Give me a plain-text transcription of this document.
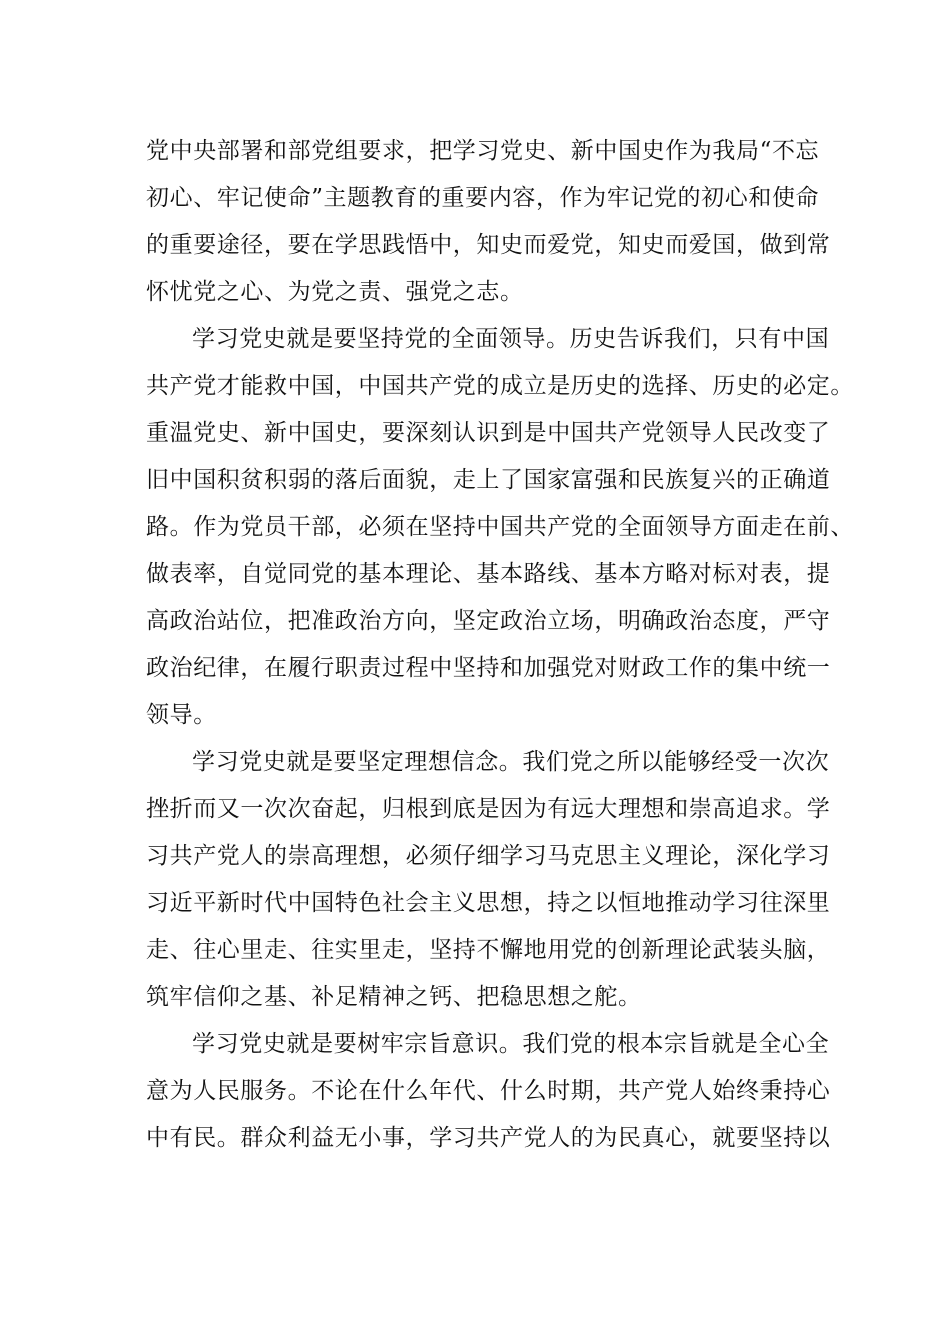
党中央部署和部党组要求，把学习党史、新中国史作为我局“不忘
初心、牢记使命”主题教育的重要内容，作为牢记党的初心和使命
的重要途径，要在学思践悟中，知史而爱党，知史而爱国，做到常
怀忧党之心、为党之责、强党之志。
学习党史就是要坚持党的全面领导。历史告诉我们，只有中国
共产党才能救中国，中国共产党的成立是历史的选择、历史的必定。
重温党史、新中国史，要深刻认识到是中国共产党领导人民改变了
旧中国积贫积弱的落后面貌，走上了国家富强和民族复兴的正确道
路。作为党员干部，必须在坚持中国共产党的全面领导方面走在前、
做表率，自觉同党的基本理论、基本路线、基本方略对标对表，提
高政治站位，把准政治方向，坚定政治立场，明确政治态度，严守
政治纪律，在履行职责过程中坚持和加强党对财政工作的集中统一
领导。
学习党史就是要坚定理想信念。我们党之所以能够经受一次次
挫折而又一次次奋起，归根到底是因为有远大理想和崇高追求。学
习共产党人的崇高理想，必须仔细学习马克思主义理论，深化学习
习近平新时代中国特色社会主义思想，持之以恒地推动学习往深里
走、往心里走、往实里走，坚持不懈地用党的创新理论武装头脑，
筑牢信仰之基、补足精神之钙、把稳思想之舵。
学习党史就是要树牢宗旨意识。我们党的根本宗旨就是全心全
意为人民服务。不论在什么年代、什么时期，共产党人始终秉持心
中有民。群众利益无小事，学习共产党人的为民真心，就要坚持以
